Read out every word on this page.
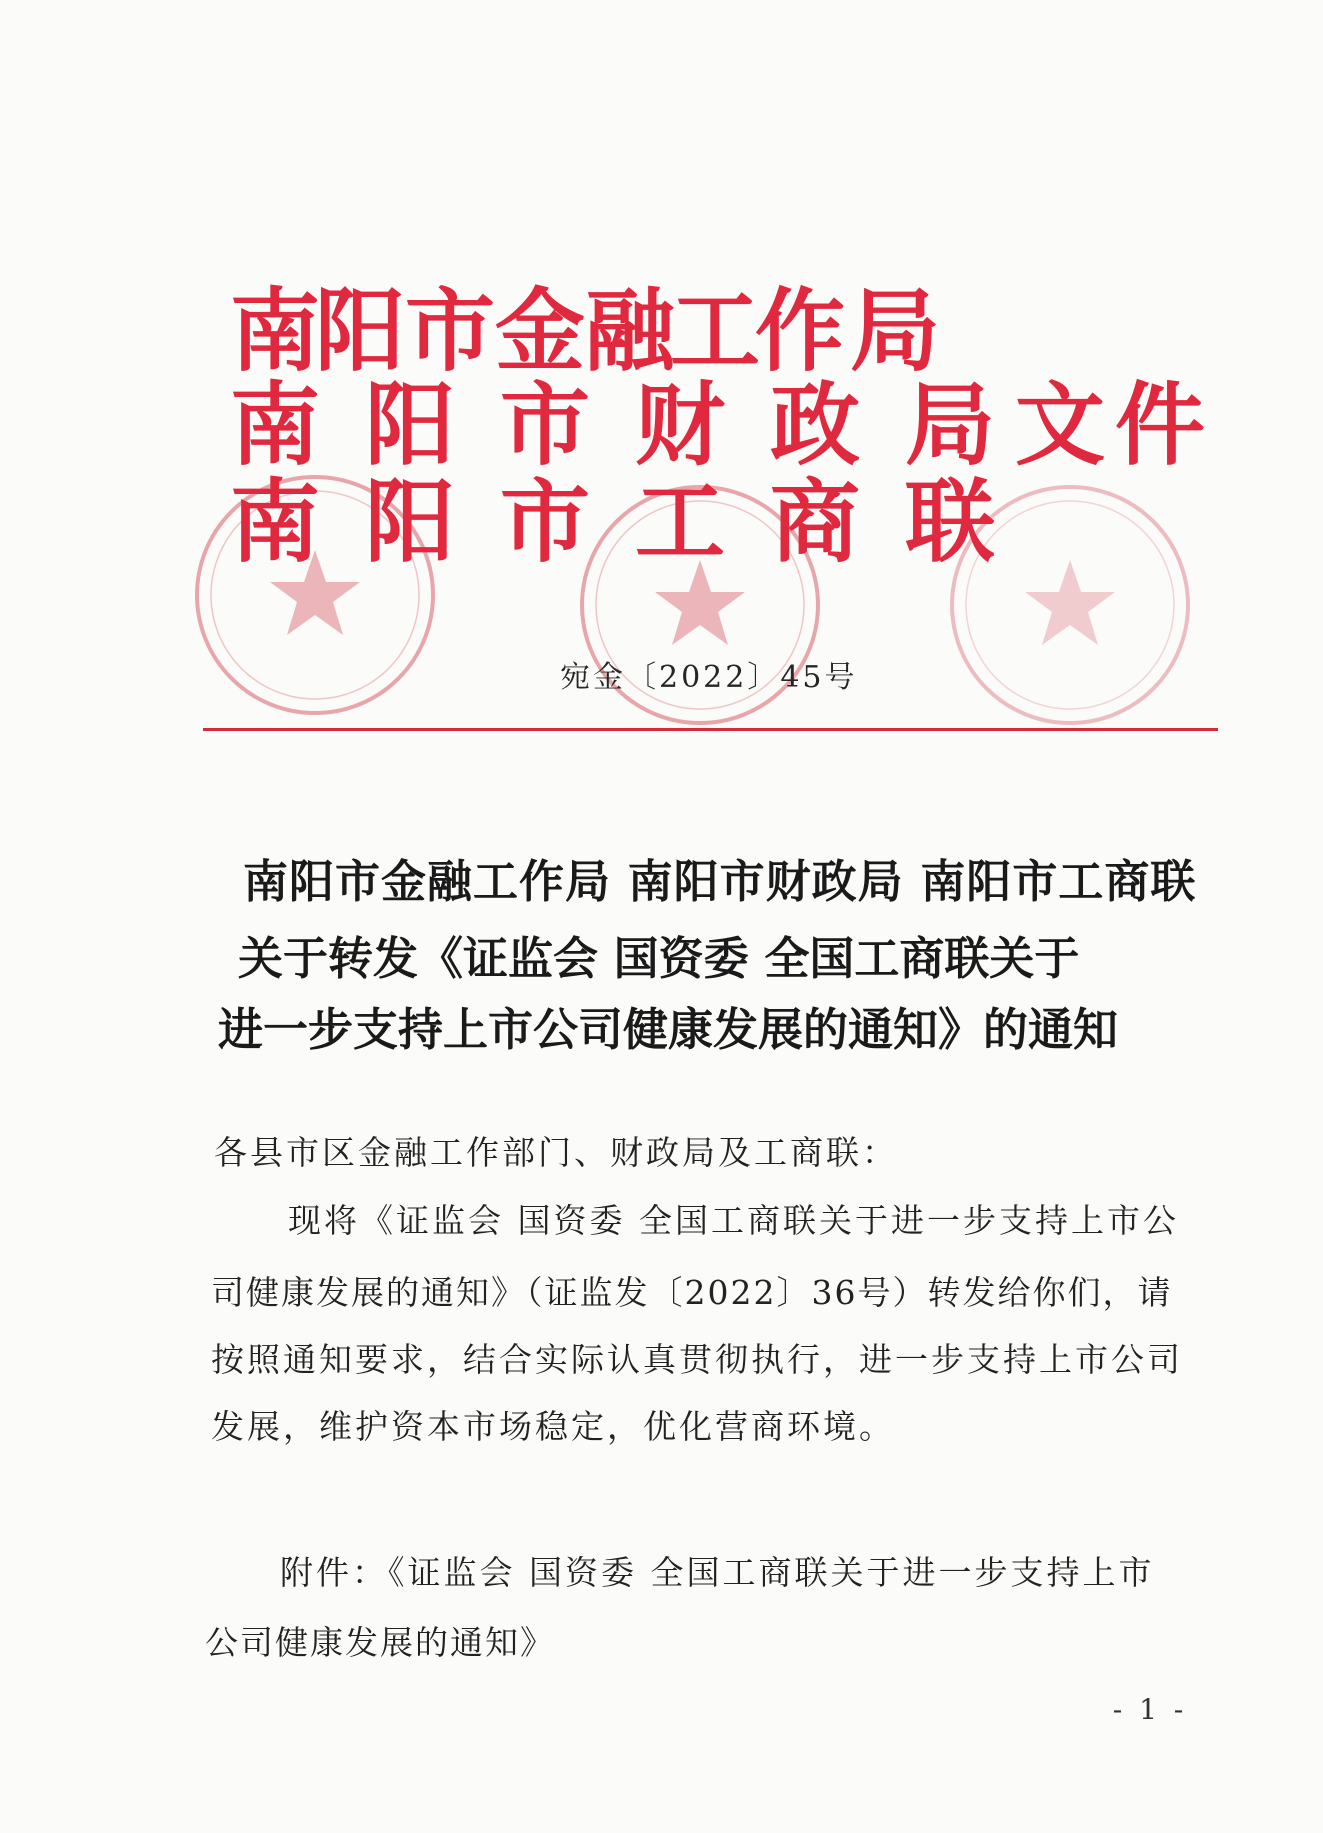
南
阳 市 金 融
工
作 局
南 阳 市 财 政 局 文 件
南 阳 市 工 商 联
宛金〔2022〕45号
南阳市金融工作局 南阳市财政局 南阳市工商联
关于转发《证监会 国资委 全国工商联关于
进一步支持上市公司健康发展的通知》的通知
各县市区金融工作部门、财政局及工商联：
现将《证监会 国资委 全国工商联关于进一步支持上市公
司健康发展的通知》（证监发〔2022〕36号）转发给你们，请
按照通知要求，结合实际认真贯彻执行，进一步支持上市公司
发展，维护资本市场稳定，优化营商环境。
附件：《证监会 国资委 全国工商联关于进一步支持上市
公司健康发展的通知》
- 1 -
